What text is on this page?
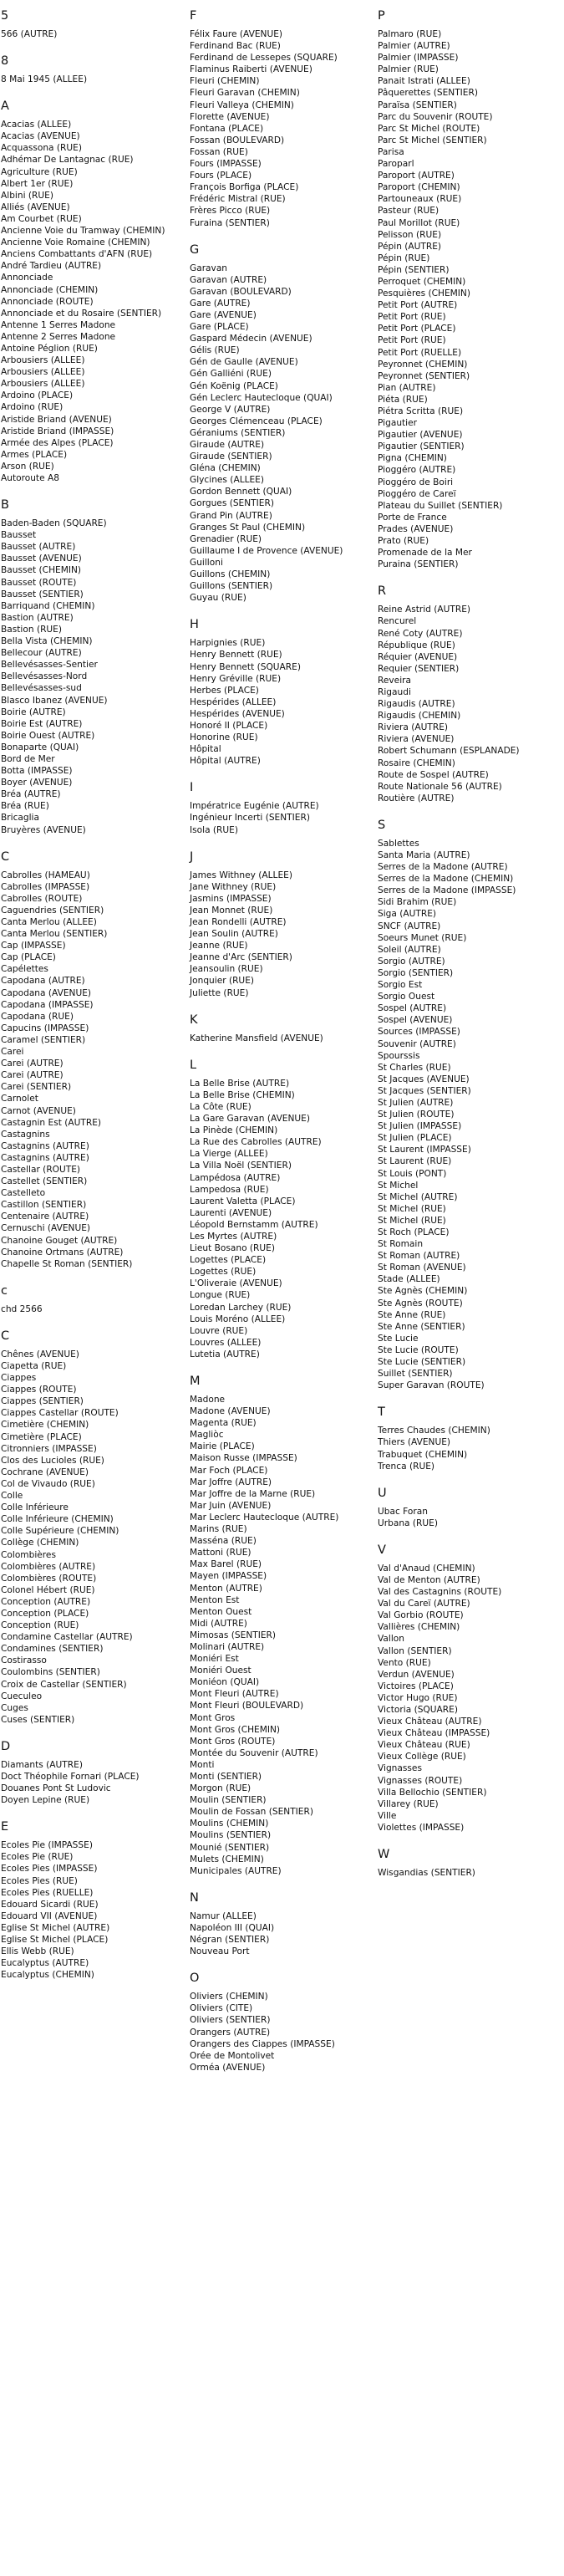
5
566 (AUTRE)
8
8 Mai 1945 (ALLEE)
A
Acacias (ALLEE)
Acacias (AVENUE)
Acquassona (RUE)
Adhémar De Lantagnac (RUE)
Agriculture (RUE)
Albert 1er (RUE)
Albini (RUE)
Alliés (AVENUE)
Am Courbet (RUE)
Ancienne Voie du Tramway (CHEMIN)
Ancienne Voie Romaine (CHEMIN)
Anciens Combattants d'AFN (RUE)
André Tardieu (AUTRE)
Annonciade
Annonciade (CHEMIN)
Annonciade (ROUTE)
Annonciade et du Rosaire (SENTIER)
Antenne 1 Serres Madone
Antenne 2 Serres Madone
Antoine Péglion (RUE)
Arbousiers (ALLEE)
Arbousiers (ALLEE)
Arbousiers (ALLEE)
Ardoino (PLACE)
Ardoino (RUE)
Aristide Briand (AVENUE)
Aristide Briand (IMPASSE)
Armée des Alpes (PLACE)
Armes (PLACE)
Arson (RUE)
Autoroute A8
B
Baden-Baden (SQUARE)
Bausset
Bausset (AUTRE)
Bausset (AVENUE)
Bausset (CHEMIN)
Bausset (ROUTE)
Bausset (SENTIER)
Barriquand (CHEMIN)
Bastion (AUTRE)
Bastion (RUE)
Bella Vista (CHEMIN)
Bellecour (AUTRE)
Bellevésasses-Sentier
Bellevésasses-Nord
Bellevésasses-sud
Blasco Ibanez (AVENUE)
Boirie (AUTRE)
Boirie Est (AUTRE)
Boirie Ouest (AUTRE)
Bonaparte (QUAI)
Bord de Mer
Botta (IMPASSE)
Boyer (AVENUE)
Bréa (AUTRE)
Bréa (RUE)
Bricaglia
Bruyères (AVENUE)
C
Cabrolles (HAMEAU)
Cabrolles (IMPASSE)
Cabrolles (ROUTE)
Caguendries (SENTIER)
Canta Merlou (ALLEE)
Canta Merlou (SENTIER)
Cap (IMPASSE)
Cap (PLACE)
Capélettes
Capodana (AUTRE)
Capodana (AVENUE)
Capodana (IMPASSE)
Capodana (RUE)
Capucins (IMPASSE)
Caramel (SENTIER)
Carei
Carei (AUTRE)
Carei (AUTRE)
Carei (SENTIER)
Carnolet
Carnot (AVENUE)
Castagnin Est (AUTRE)
Castagnins
Castagnins (AUTRE)
Castagnins (AUTRE)
Castellar (ROUTE)
Castellet (SENTIER)
Castelleto
Castillon (SENTIER)
Centenaire (AUTRE)
Cernuschi (AVENUE)
Chanoine Gouget (AUTRE)
Chanoine Ortmans (AUTRE)
Chapelle St Roman (SENTIER)
c
chd 2566
C
Chênes (AVENUE)
Ciapetta (RUE)
Ciappes
Ciappes (ROUTE)
Ciappes (SENTIER)
Ciappes Castellar (ROUTE)
Cimetière (CHEMIN)
Cimetière (PLACE)
Citronniers (IMPASSE)
Clos des Lucioles (RUE)
Cochrane (AVENUE)
Col de Vivaudo (RUE)
Colle
Colle Inférieure
Colle Inférieure (CHEMIN)
Colle Supérieure (CHEMIN)
Collège (CHEMIN)
Colombières
Colombières (AUTRE)
Colombières (ROUTE)
Colonel Hébert (RUE)
Conception (AUTRE)
Conception (PLACE)
Conception (RUE)
Condamine Castellar (AUTRE)
Condamines (SENTIER)
Costirasso
Coulombins (SENTIER)
Croix de Castellar (SENTIER)
Cueculeo
Cuges
Cuses (SENTIER)
D
Diamants (AUTRE)
Doct Théophile Fornari (PLACE)
Douanes Pont St Ludovic
Doyen Lepine (RUE)
E
Ecoles Pie (IMPASSE)
Ecoles Pie (RUE)
Ecoles Pies (IMPASSE)
Ecoles Pies (RUE)
Ecoles Pies (RUELLE)
Edouard Sicardi (RUE)
Edouard VII (AVENUE)
Eglise St Michel (AUTRE)
Eglise St Michel (PLACE)
Ellis Webb (RUE)
Eucalyptus (AUTRE)
Eucalyptus (CHEMIN)
F
Félix Faure (AVENUE)
Ferdinand Bac (RUE)
Ferdinand de Lessepes (SQUARE)
Flaminus Raiberti (AVENUE)
Fleuri (CHEMIN)
Fleuri Garavan (CHEMIN)
Fleuri Valleya (CHEMIN)
Florette (AVENUE)
Fontana (PLACE)
Fossan (BOULEVARD)
Fossan (RUE)
Fours (IMPASSE)
Fours (PLACE)
François Borfiga (PLACE)
Frédéric Mistral (RUE)
Frères Picco (RUE)
Furaina (SENTIER)
G
Garavan
Garavan (AUTRE)
Garavan (BOULEVARD)
Gare (AUTRE)
Gare (AVENUE)
Gare (PLACE)
Gaspard Médecin (AVENUE)
Gélis (RUE)
Gén de Gaulle (AVENUE)
Gén Galliéni (RUE)
Gén Koënig (PLACE)
Gén Leclerc Hautecloque (QUAI)
George V (AUTRE)
Georges Clémenceau (PLACE)
Géraniums (SENTIER)
Giraude (AUTRE)
Giraude (SENTIER)
Gléna (CHEMIN)
Glycines (ALLEE)
Gordon Bennett (QUAI)
Gorgues (SENTIER)
Grand Pin (AUTRE)
Granges St Paul (CHEMIN)
Grenadier (RUE)
Guillaume I de Provence (AVENUE)
Guilloni
Guillons (CHEMIN)
Guillons (SENTIER)
Guyau (RUE)
H
Harpignies (RUE)
Henry Bennett (RUE)
Henry Bennett (SQUARE)
Henry Gréville (RUE)
Herbes (PLACE)
Hespérides (ALLEE)
Hespérides (AVENUE)
Honoré II (PLACE)
Honorine (RUE)
Hôpital
Hôpital (AUTRE)
I
Impératrice Eugénie (AUTRE)
Ingénieur Incerti (SENTIER)
Isola (RUE)
J
James Withney (ALLEE)
Jane Withney (RUE)
Jasmins (IMPASSE)
Jean Monnet (RUE)
Jean Rondelli (AUTRE)
Jean Soulin (AUTRE)
Jeanne (RUE)
Jeanne d'Arc (SENTIER)
Jeansoulin (RUE)
Jonquier (RUE)
Juliette (RUE)
K
Katherine Mansfield (AVENUE)
L
La Belle Brise (AUTRE)
La Belle Brise (CHEMIN)
La Côte (RUE)
La Gare Garavan (AVENUE)
La Pinède (CHEMIN)
La Rue des Cabrolles (AUTRE)
La Vierge (ALLEE)
La Villa Noël (SENTIER)
Lampédosa (AUTRE)
Lampedosa (RUE)
Laurent Valetta (PLACE)
Laurenti (AVENUE)
Léopold Bernstamm (AUTRE)
Les Myrtes (AUTRE)
Lieut Bosano (RUE)
Logettes (PLACE)
Logettes (RUE)
L'Oliveraie (AVENUE)
Longue (RUE)
Loredan Larchey (RUE)
Louis Moréno (ALLEE)
Louvre (RUE)
Louvres (ALLEE)
Lutetia (AUTRE)
M
Madone
Madone (AVENUE)
Magenta (RUE)
Magliòc
Mairie (PLACE)
Maison Russe (IMPASSE)
Mar Foch (PLACE)
Mar Joffre (AUTRE)
Mar Joffre de la Marne (RUE)
Mar Juin (AVENUE)
Mar Leclerc Hautecloque (AUTRE)
Marins (RUE)
Masséna (RUE)
Mattoni (RUE)
Max Barel (RUE)
Mayen (IMPASSE)
Menton (AUTRE)
Menton Est
Menton Ouest
Midi (AUTRE)
Mimosas (SENTIER)
Molinari (AUTRE)
Moniéri Est
Moniéri Ouest
Moniéon (QUAI)
Mont Fleuri (AUTRE)
Mont Fleuri (BOULEVARD)
Mont Gros
Mont Gros (CHEMIN)
Mont Gros (ROUTE)
Montée du Souvenir (AUTRE)
Monti
Monti (SENTIER)
Morgon (RUE)
Moulin (SENTIER)
Moulin de Fossan (SENTIER)
Moulins (CHEMIN)
Moulins (SENTIER)
Mounié (SENTIER)
Mulets (CHEMIN)
Municipales (AUTRE)
N
Namur (ALLEE)
Napoléon III (QUAI)
Négran (SENTIER)
Nouveau Port
O
Oliviers (CHEMIN)
Oliviers (CITE)
Oliviers (SENTIER)
Orangers (AUTRE)
Orangers des Ciappes (IMPASSE)
Orée de Montolivet
Orméa (AVENUE)
P
Palmaro (RUE)
Palmier (AUTRE)
Palmier (IMPASSE)
Palmier (RUE)
Panait Istrati (ALLEE)
Pâquerettes (SENTIER)
Paraïsa (SENTIER)
Parc du Souvenir (ROUTE)
Parc St Michel (ROUTE)
Parc St Michel (SENTIER)
Parisa
Paroparl
Paroport (AUTRE)
Paroport (CHEMIN)
Partouneaux (RUE)
Pasteur (RUE)
Paul Morillot (RUE)
Pelisson (RUE)
Pépin (AUTRE)
Pépin (RUE)
Pépin (SENTIER)
Perroquet (CHEMIN)
Pesquières (CHEMIN)
Petit Port (AUTRE)
Petit Port (RUE)
Petit Port (PLACE)
Petit Port (RUE)
Petit Port (RUELLE)
Peyronnet (CHEMIN)
Peyronnet (SENTIER)
Pian (AUTRE)
Piéta (RUE)
Piétra Scritta (RUE)
Pigautier
Pigautier (AVENUE)
Pigautier (SENTIER)
Pigna (CHEMIN)
Pioggéro (AUTRE)
Pioggéro de Boiri
Pioggéro de Careï
Plateau du Suillet (SENTIER)
Porte de France
Prades (AVENUE)
Prato (RUE)
Promenade de la Mer
Puraina (SENTIER)
R
Reine Astrid (AUTRE)
Rencurel
René Coty (AUTRE)
République (RUE)
Réquier (AVENUE)
Requier (SENTIER)
Reveira
Rigaudi
Rigaudis (AUTRE)
Rigaudis (CHEMIN)
Riviera (AUTRE)
Riviera (AVENUE)
Robert Schumann (ESPLANADE)
Rosaire (CHEMIN)
Route de Sospel (AUTRE)
Route Nationale 56 (AUTRE)
Routière (AUTRE)
S
Sablettes
Santa Maria (AUTRE)
Serres de la Madone (AUTRE)
Serres de la Madone (CHEMIN)
Serres de la Madone (IMPASSE)
Sidi Brahim (RUE)
Siga (AUTRE)
SNCF (AUTRE)
Soeurs Munet (RUE)
Soleil (AUTRE)
Sorgio (AUTRE)
Sorgio (SENTIER)
Sorgio Est
Sorgio Ouest
Sospel (AUTRE)
Sospel (AVENUE)
Sources (IMPASSE)
Souvenir (AUTRE)
Spourssis
St Charles (RUE)
St Jacques (AVENUE)
St Jacques (SENTIER)
St Julien (AUTRE)
St Julien (ROUTE)
St Julien (IMPASSE)
St Julien (PLACE)
St Laurent (IMPASSE)
St Laurent (RUE)
St Louis (PONT)
St Michel
St Michel (AUTRE)
St Michel (RUE)
St Michel (RUE)
St Roch (PLACE)
St Romain
St Roman (AUTRE)
St Roman (AVENUE)
Stade (ALLEE)
Ste Agnès (CHEMIN)
Ste Agnès (ROUTE)
Ste Anne (RUE)
Ste Anne (SENTIER)
Ste Lucie
Ste Lucie (ROUTE)
Ste Lucie (SENTIER)
Suillet (SENTIER)
Super Garavan (ROUTE)
T
Terres Chaudes (CHEMIN)
Thiers (AVENUE)
Trabuquet (CHEMIN)
Trenca (RUE)
U
Ubac Foran
Urbana (RUE)
V
Val d'Anaud (CHEMIN)
Val de Menton (AUTRE)
Val des Castagnins (ROUTE)
Val du Careï (AUTRE)
Val Gorbio (ROUTE)
Vallières (CHEMIN)
Vallon
Vallon (SENTIER)
Vento (RUE)
Verdun (AVENUE)
Victoires (PLACE)
Victor Hugo (RUE)
Victoria (SQUARE)
Vieux Château (AUTRE)
Vieux Château (IMPASSE)
Vieux Château (RUE)
Vieux Collège (RUE)
Vignasses
Vignasses (ROUTE)
Villa Bellochio (SENTIER)
Villarey (RUE)
Ville
Violettes (IMPASSE)
W
Wisgandias (SENTIER)
